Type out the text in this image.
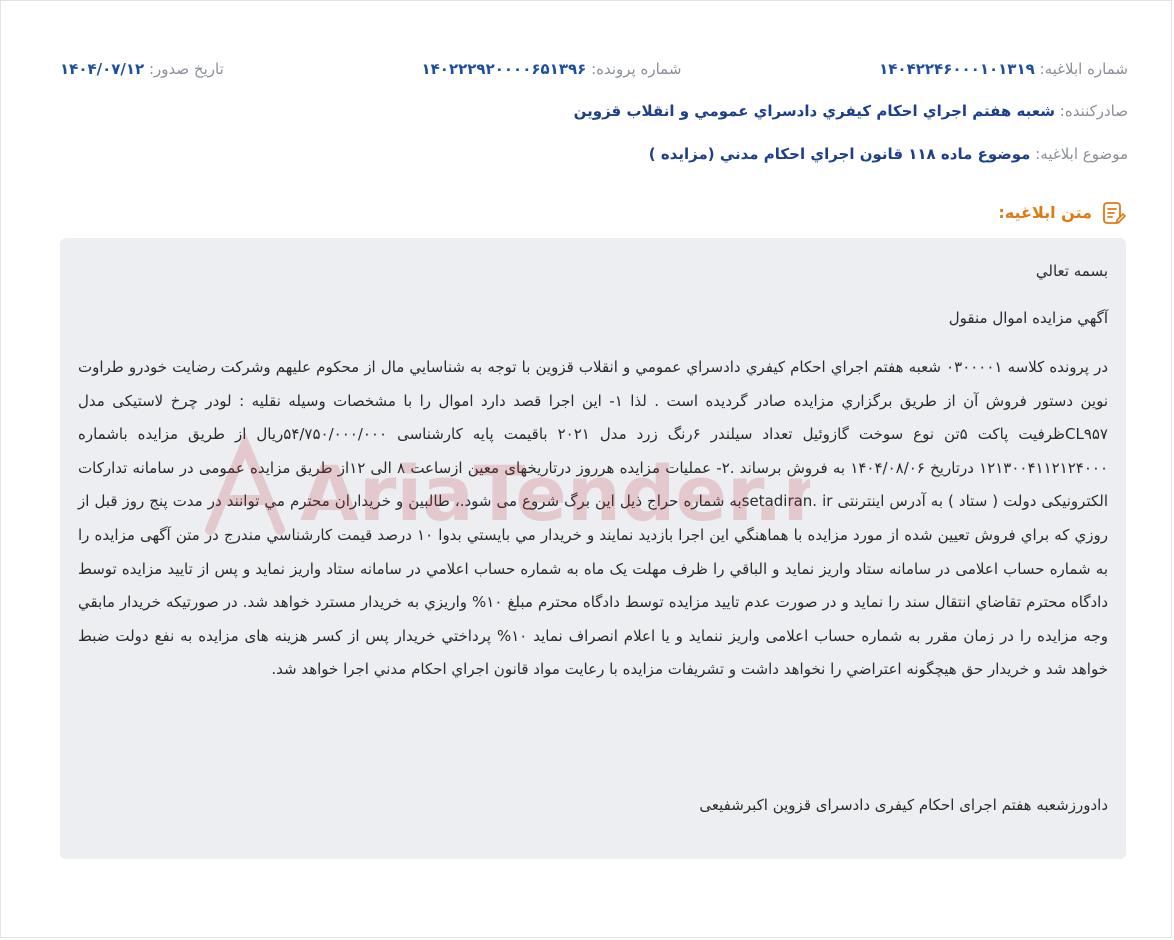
شماره ابلاغيه: ۱۴۰۴۲۲۴۶۰۰۰۱۰۱۳۱۹
شماره پرونده: ۱۴۰۲۲۲۹۲۰۰۰۰۶۵۱۳۹۶
تاریخ صدور: ۱۴۰۴/۰۷/۱۲
صادرکننده: شعبه هفتم اجراي احکام کيفري دادسراي عمومي و انقلاب قزوين
موضوع ابلاغيه: موضوع ماده ۱۱۸ قانون اجراي احکام مدني (مزايده )
متن ابلاغيه:

بسمه تعالي

آگهي مزايده اموال منقول

در پرونده کلاسه ۰۳۰۰۰۰۱ شعبه هفتم اجراي احکام کيفري دادسراي عمومي و انقلاب قزوين با توجه به شناسايي مال از محکوم عليهم وشرکت رضايت خودرو طراوت نوين دستور فروش آن از طريق برگزاري مزايده صادر گرديده است . لذا ۱- اين اجرا قصد دارد اموال را با مشخصات وسيله نقليه : لودر چرخ لاستيکی مدل CL۹۵۷ظرفيت پاکت ۵تن نوع سوخت گازوئيل تعداد سيلندر ۶رنگ زرد مدل ۲۰۲۱ باقيمت پايه کارشناسی ۵۴/۷۵۰/۰۰۰/۰۰۰ريال از طريق مزايده باشماره ۱۲۱‌۳۰۰۴۱۱۲۱۲۴۰۰۰ درتاريخ ۱۴۰۴/۰۸/۰۶ به فروش برساند .۲- عمليات مزايده هرروز درتاريخهای معين ازساعت ۸ الی ۱۲از طريق مزايده عمومی در سامانه تدارکات الکترونيکی دولت ( ستاد ) به آدرس اينترنتی setadiran. irبه شماره حراج ذيل اين برگ شروع می شود.، طالبين و خريداران محترم مي توانند در مدت پنج روز قبل از روزي که براي فروش تعيين شده از مورد مزايده با هماهنگي اين اجرا بازديد نمايند و خريدار مي بايستي بدوا ۱۰ درصد قيمت کارشناسي مندرج در متن آگهی مزايده را به شماره حساب اعلامی در سامانه ستاد واريز نمايد و الباقي را ظرف مهلت يک ماه به شماره حساب اعلامي در سامانه ستاد واريز نمايد و پس از تاييد مزايده توسط دادگاه محترم تقاضاي انتقال سند را نمايد و در صورت عدم تاييد مزايده توسط دادگاه محترم مبلغ ۱۰% واريزي به خريدار مسترد خواهد شد. در صورتيکه خريدار مابقي وجه مزايده را در زمان مقرر به شماره حساب اعلامی واريز ننمايد و يا اعلام انصراف نمايد ۱۰% پرداختي خريدار پس از کسر هزينه های مزايده به نفع دولت ضبط خواهد شد و خريدار حق هيچگونه اعتراضي را نخواهد داشت و تشريفات مزايده با رعايت مواد قانون اجراي احکام مدني اجرا خواهد شد.

دادورزشعبه هفتم اجرای احکام کيفری دادسرای قزوين اکبرشفيعی
